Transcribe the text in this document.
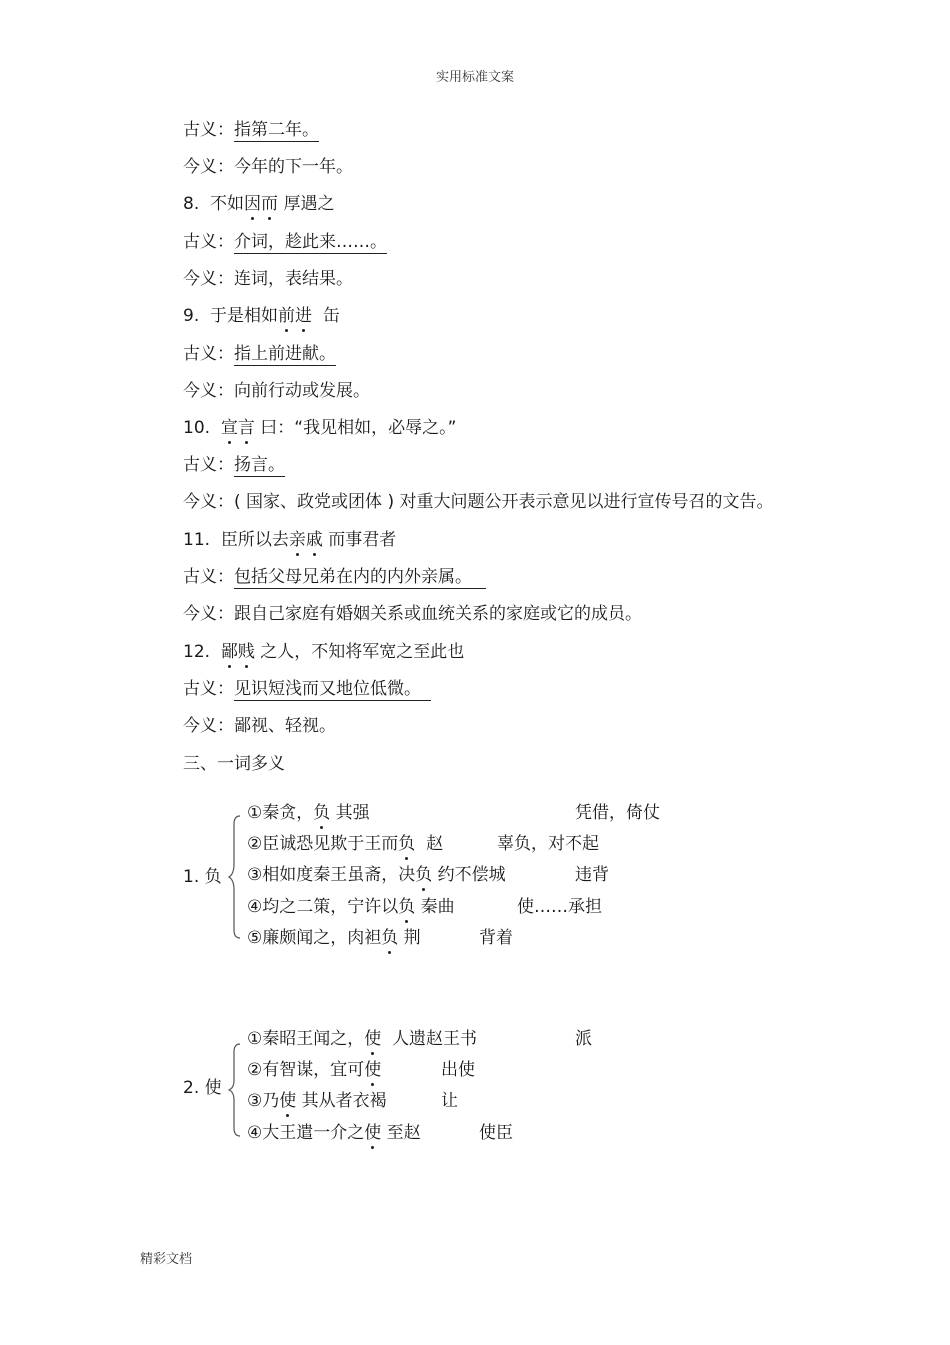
实用标准文案
古义：指第二年。
今义：今年的下一年。
8. 不如因而 厚遇之
古义：介词，趁此来……。
今义：连词，表结果。
9. 于是相如前进 缶
古义：指上前进献。
今义：向前行动或发展。
10. 宣言 曰：“我见相如，必辱之。”
古义：扬言。
今义：( 国家、政党或团体 ) 对重大问题公开表示意见以进行宣传号召的文告。
11. 臣所以去亲戚 而事君者
古义：包括父母兄弟在内的内外亲属。
今义：跟自己家庭有婚姻关系或血统关系的家庭或它的成员。
12. 鄙贱 之人，不知将军宽之至此也
古义：见识短浅而又地位低微。
今义：鄙视、轻视。
三、一词多义
1. 负
①秦贪，负 其强	凭借，倚仗
②臣诚恐见欺于王而负 赵	辜负，对不起
③相如度秦王虽斋，决负 约不偿城	违背
④均之二策，宁许以负 秦曲	使……承担
⑤廉颇闻之，肉袒负 荆	背着
2. 使
①秦昭王闻之，使 人遗赵王书	派
②有智谋，宜可使	出使
③乃使 其从者衣褐	让
④大王遣一介之使 至赵	使臣
精彩文档
